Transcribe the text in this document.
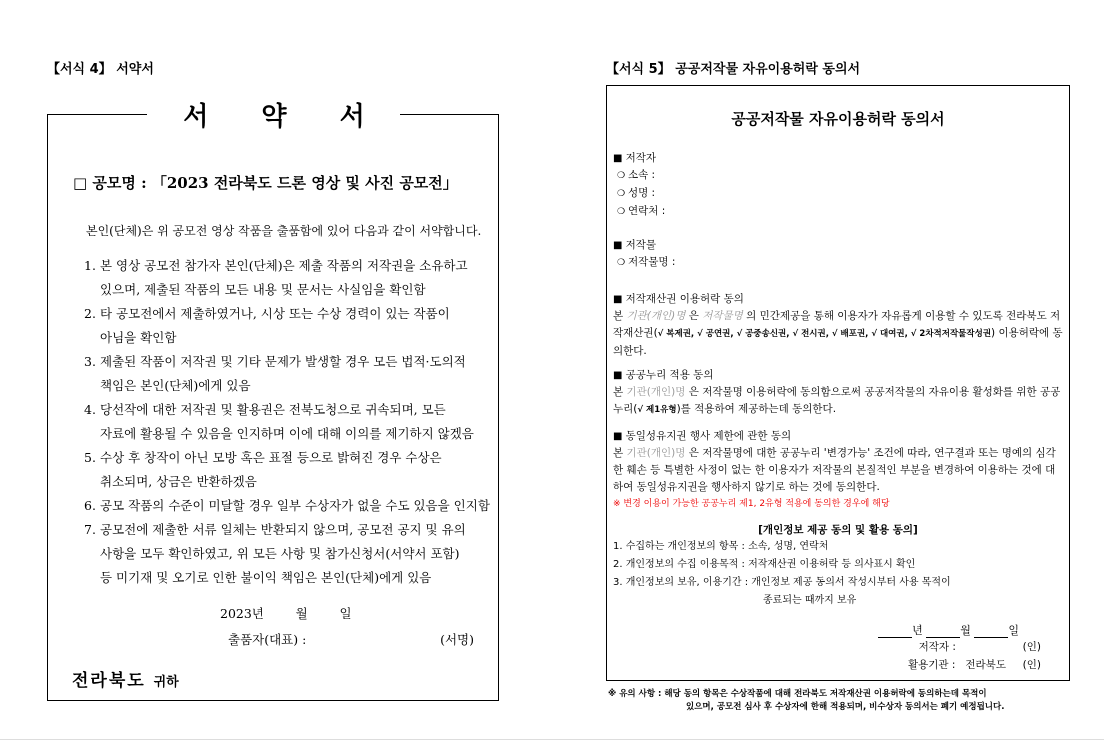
【서식 4】 서약서
서 약 서
□ 공모명 : 「2023 전라북도 드론 영상 및 사진 공모전」
본인(단체)은 위 공모전 영상 작품을 출품함에 있어 다음과 같이 서약합니다.
1. 본 영상 공모전 참가자 본인(단체)은 제출 작품의 저작권을 소유하고
있으며, 제출된 작품의 모든 내용 및 문서는 사실임을 확인함
2. 타 공모전에서 제출하였거나, 시상 또는 수상 경력이 있는 작품이
아님을 확인함
3. 제출된 작품이 저작권 및 기타 문제가 발생할 경우 모든 법적·도의적
책임은 본인(단체)에게 있음
4. 당선작에 대한 저작권 및 활용권은 전북도청으로 귀속되며, 모든
자료에 활용될 수 있음을 인지하며 이에 대해 이의를 제기하지 않겠음
5. 수상 후 창작이 아닌 모방 혹은 표절 등으로 밝혀진 경우 수상은
취소되며, 상금은 반환하겠음
6. 공모 작품의 수준이 미달할 경우 일부 수상자가 없을 수도 있음을 인지함
7. 공모전에 제출한 서류 일체는 반환되지 않으며, 공모전 공지 및 유의
사항을 모두 확인하였고, 위 모든 사항 및 참가신청서(서약서 포함)
등 미기재 및 오기로 인한 불이익 책임은 본인(단체)에게 있음
2023년        월        일
출품자(대표) :	(서명)
전라북도 귀하
【서식 5】 공공저작물 자유이용허락 동의서
공공저작물 자유이용허락 동의서
■ 저작자
❍ 소속 :
❍ 성명 :
❍ 연락처 :
■ 저작물
❍ 저작물명 :
■ 저작재산권 이용허락 동의
본 기관(개인)명 은 저작물명 의 민간제공을 통해 이용자가 자유롭게 이용할 수 있도록 전라북도 저작재산권(√ 복제권, √ 공연권, √ 공중송신권, √ 전시권, √ 배포권, √ 대여권, √ 2차적저작물작성권) 이용허락에 동의한다.
■ 공공누리 적용 동의
본 기관(개인)명 은 저작물명 이용허락에 동의함으로써 공공저작물의 자유이용 활성화를 위한 공공누리(√ 제1유형)를 적용하여 제공하는데 동의한다.
■ 동일성유지권 행사 제한에 관한 동의
본 기관(개인)명 은 저작물명에 대한 공공누리 '변경가능' 조건에 따라, 연구결과 또는 명예의 심각한 훼손 등 특별한 사정이 없는 한 이용자가 저작물의 본질적인 부분을 변경하여 이용하는 것에 대하여 동일성유지권을 행사하지 않기로 하는 것에 동의한다.
※ 변경 이용이 가능한 공공누리 제1, 2유형 적용에 동의한 경우에 해당
[개인정보 제공 동의 및 활용 동의]
1. 수집하는 개인정보의 항목 : 소속, 성명, 연락처
2. 개인정보의 수집 이용목적 : 저작재산권 이용허락 등 의사표시 확인
3. 개인정보의 보유, 이용기간 : 개인정보 제공 동의서 작성시부터 사용 목적이
종료되는 때까지 보유
년	월	일
저작자 :                    (인)
활용기관 :   전라북도     (인)
※ 유의 사항 : 해당 동의 항목은 수상작품에 대해 전라북도 저작재산권 이용허락에 동의하는데 목적이
있으며, 공모전 심사 후 수상자에 한해 적용되며, 비수상자 동의서는 폐기 예정됩니다.
